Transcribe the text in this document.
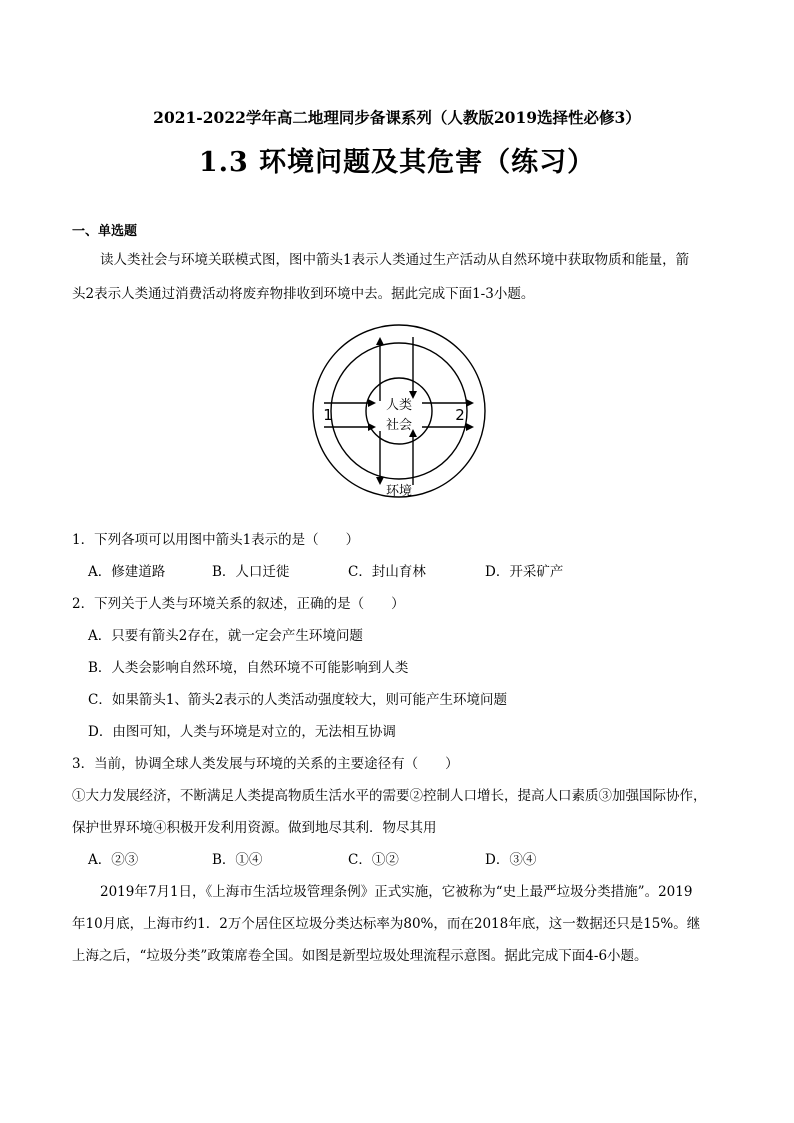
2021-2022学年高二地理同步备课系列（人教版2019选择性必修3）
1.3 环境问题及其危害（练习）
一、单选题
读人类社会与环境关联模式图，图中箭头1表示人类通过生产活动从自然环境中获取物质和能量，箭
头2表示人类通过消费活动将废弃物排收到环境中去。据此完成下面1-3小题。
人类
社会
1	2
环境
1．下列各项可以用图中箭头1表示的是（　　）
A．修建道路	B．人口迁徙	C．封山育林	D．开采矿产
2．下列关于人类与环境关系的叙述，正确的是（　　）
A．只要有箭头2存在，就一定会产生环境问题
B．人类会影响自然环境，自然环境不可能影响到人类
C．如果箭头1、箭头2表示的人类活动强度较大，则可能产生环境问题
D．由图可知，人类与环境是对立的，无法相互协调
3．当前，协调全球人类发展与环境的关系的主要途径有（　　）
①大力发展经济，不断满足人类提高物质生活水平的需要②控制人口增长，提高人口素质③加强国际协作，
保护世界环境④积极开发利用资源。做到地尽其利．物尽其用
A．②③	B．①④	C．①②	D．③④
2019年7月1日，《上海市生活垃圾管理条例》正式实施，它被称为“史上最严垃圾分类措施”。2019
年10月底，上海市约1．2万个居住区垃圾分类达标率为80%，而在2018年底，这一数据还只是15%。继
上海之后，“垃圾分类”政策席卷全国。如图是新型垃圾处理流程示意图。据此完成下面4-6小题。
